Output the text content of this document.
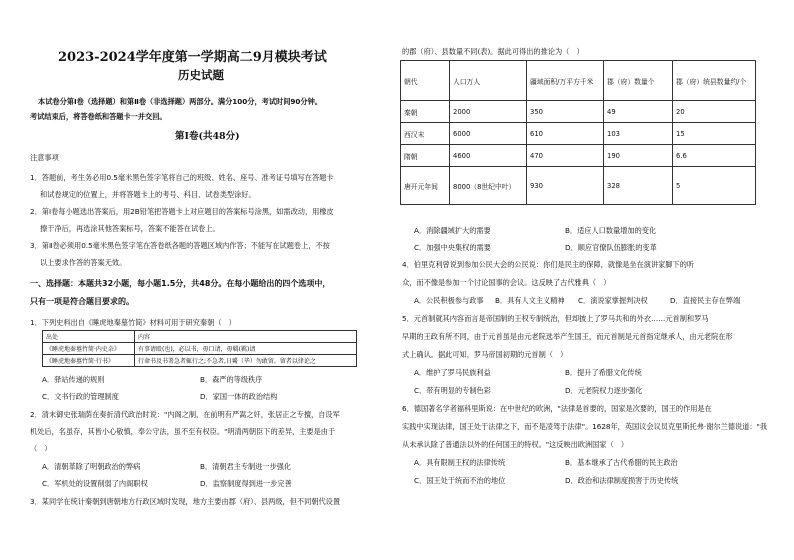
2023-2024学年度第一学期高二9月模块考试
历史试题
本试卷分第Ⅰ卷（选择题）和第Ⅱ卷（非选择题）两部分。满分100分，考试时间90分钟。
考试结束后，将答卷纸和答题卡一并交回。
第Ⅰ卷(共48分)
注意事项
1．答题前，考生务必用0.5毫米黑色签字笔将自己的班级、姓名、座号、准考证号填写在答题卡
和试卷规定的位置上，并将答题卡上的考号、科目、试卷类型涂好。
2．第Ⅰ卷每小题选出答案后，用2B铅笔把答题卡上对应题目的答案标号涂黑，如需改动，用橡皮
擦干净后，再选涂其他答案标号，答案不能答在试卷上。
3．第Ⅱ卷必须用0.5毫米黑色签字笔在答卷纸各题的答题区域内作答；不能写在试题卷上，不按
以上要求作答的答案无效。
一、选择题：本题共32小题，每小题1.5分，共48分。在每小题给出的四个选项中，
只有一项是符合题目要求的。
1．下列史料出自《睡虎地秦墓竹简》材料可用于研究秦朝（　）
出处	内容
《睡虎地秦墓竹简·内史杂》	有事请殴(也)，必以书，毋口请，毋羁(羁)请
《睡虎地秦墓竹简·行书》	行命书及书署急者辄行之;不急者,日觱（毕）勿敢留。留者以律论之
A．驿站传递的规则	B．森严的等级秩序
C．文书行政的管理制度	D．家国一体的政治结构
2．清末御史张瑞荫在奏折清代政治时说："内阁之制，在前明有严嵩之奸，张居正之专擅，自设军
机处后，名虽存，其皆小心敬慎，奉公守法，虽不至有权臣。"明清两朝臣下的差异，主要是由于
（　）
A．清朝革除了明朝政治的弊病	B．清朝君主专制进一步强化
C．军机处的设置削弱了内阁职权	D．监察制度得到进一步完善
3．某同学在统计秦朝到唐朝地方行政区域时发现，地方主要由郡（府）、县两级，但不同朝代设置
的郡（府）、县数量不同(表)。据此可得出的推论为（　）
朝代	人口万人	疆域面积/万平方千米	郡（府）数量个	郡（府）统县数量约/个
秦朝	2000	350	49	20
西汉末	6000	610	103	15
隋朝	4600	470	190	6.6
唐开元年间	8000（8世纪中叶）	930	328	5
A．消除疆域扩大的需要	B．适应人口数量增加的变化
C．加强中央集权的需要	D．顺应官僚队伍膨胀的变革
4．伯里克利曾说到参加公民大会的公民说：你们是民主的保障，就像是坐在演讲家脚下的听
众，而不像是参加一个讨论国事的会议。这反映了古代雅典（　）
A．公民积极参与政事 B．具有人文主义精神 C．演说家掌握判决权	D．直接民主存在弊端
5．元首制就其内容而言是帝国制的王权专制统治，但却披上了罗马共和的外衣……元首制和罗马
早期的王政有所不同，由于元首虽是由元老院选举产生国王，而元首制是元首指定继承人，由元老院在形
式上确认。据此可知，罗马帝国初期的元首制（　）
A．维护了罗马民族利益	B．提升了希腊文化传统
C．带有明显的专制色彩	D．元老院权力逐步强化
6．德国著名学者福科里斯说：在中世纪的欧洲，"法律是首要的，国家是次要的，国王的作用是在
实践中实现法律，国王处于法律之下，而不是凌驾于法律"。1628年，英国议会议员克里斯托弗·谢尔兰德说道："我
从未承认除了普通法以外的任何国王的特权。"这反映出欧洲国家（　）
A．具有限制王权的法律传统	B．基本继承了古代希腊的民主政治
C．国王处于统而不治的地位	D．政治和法律制度损害于历史传统
